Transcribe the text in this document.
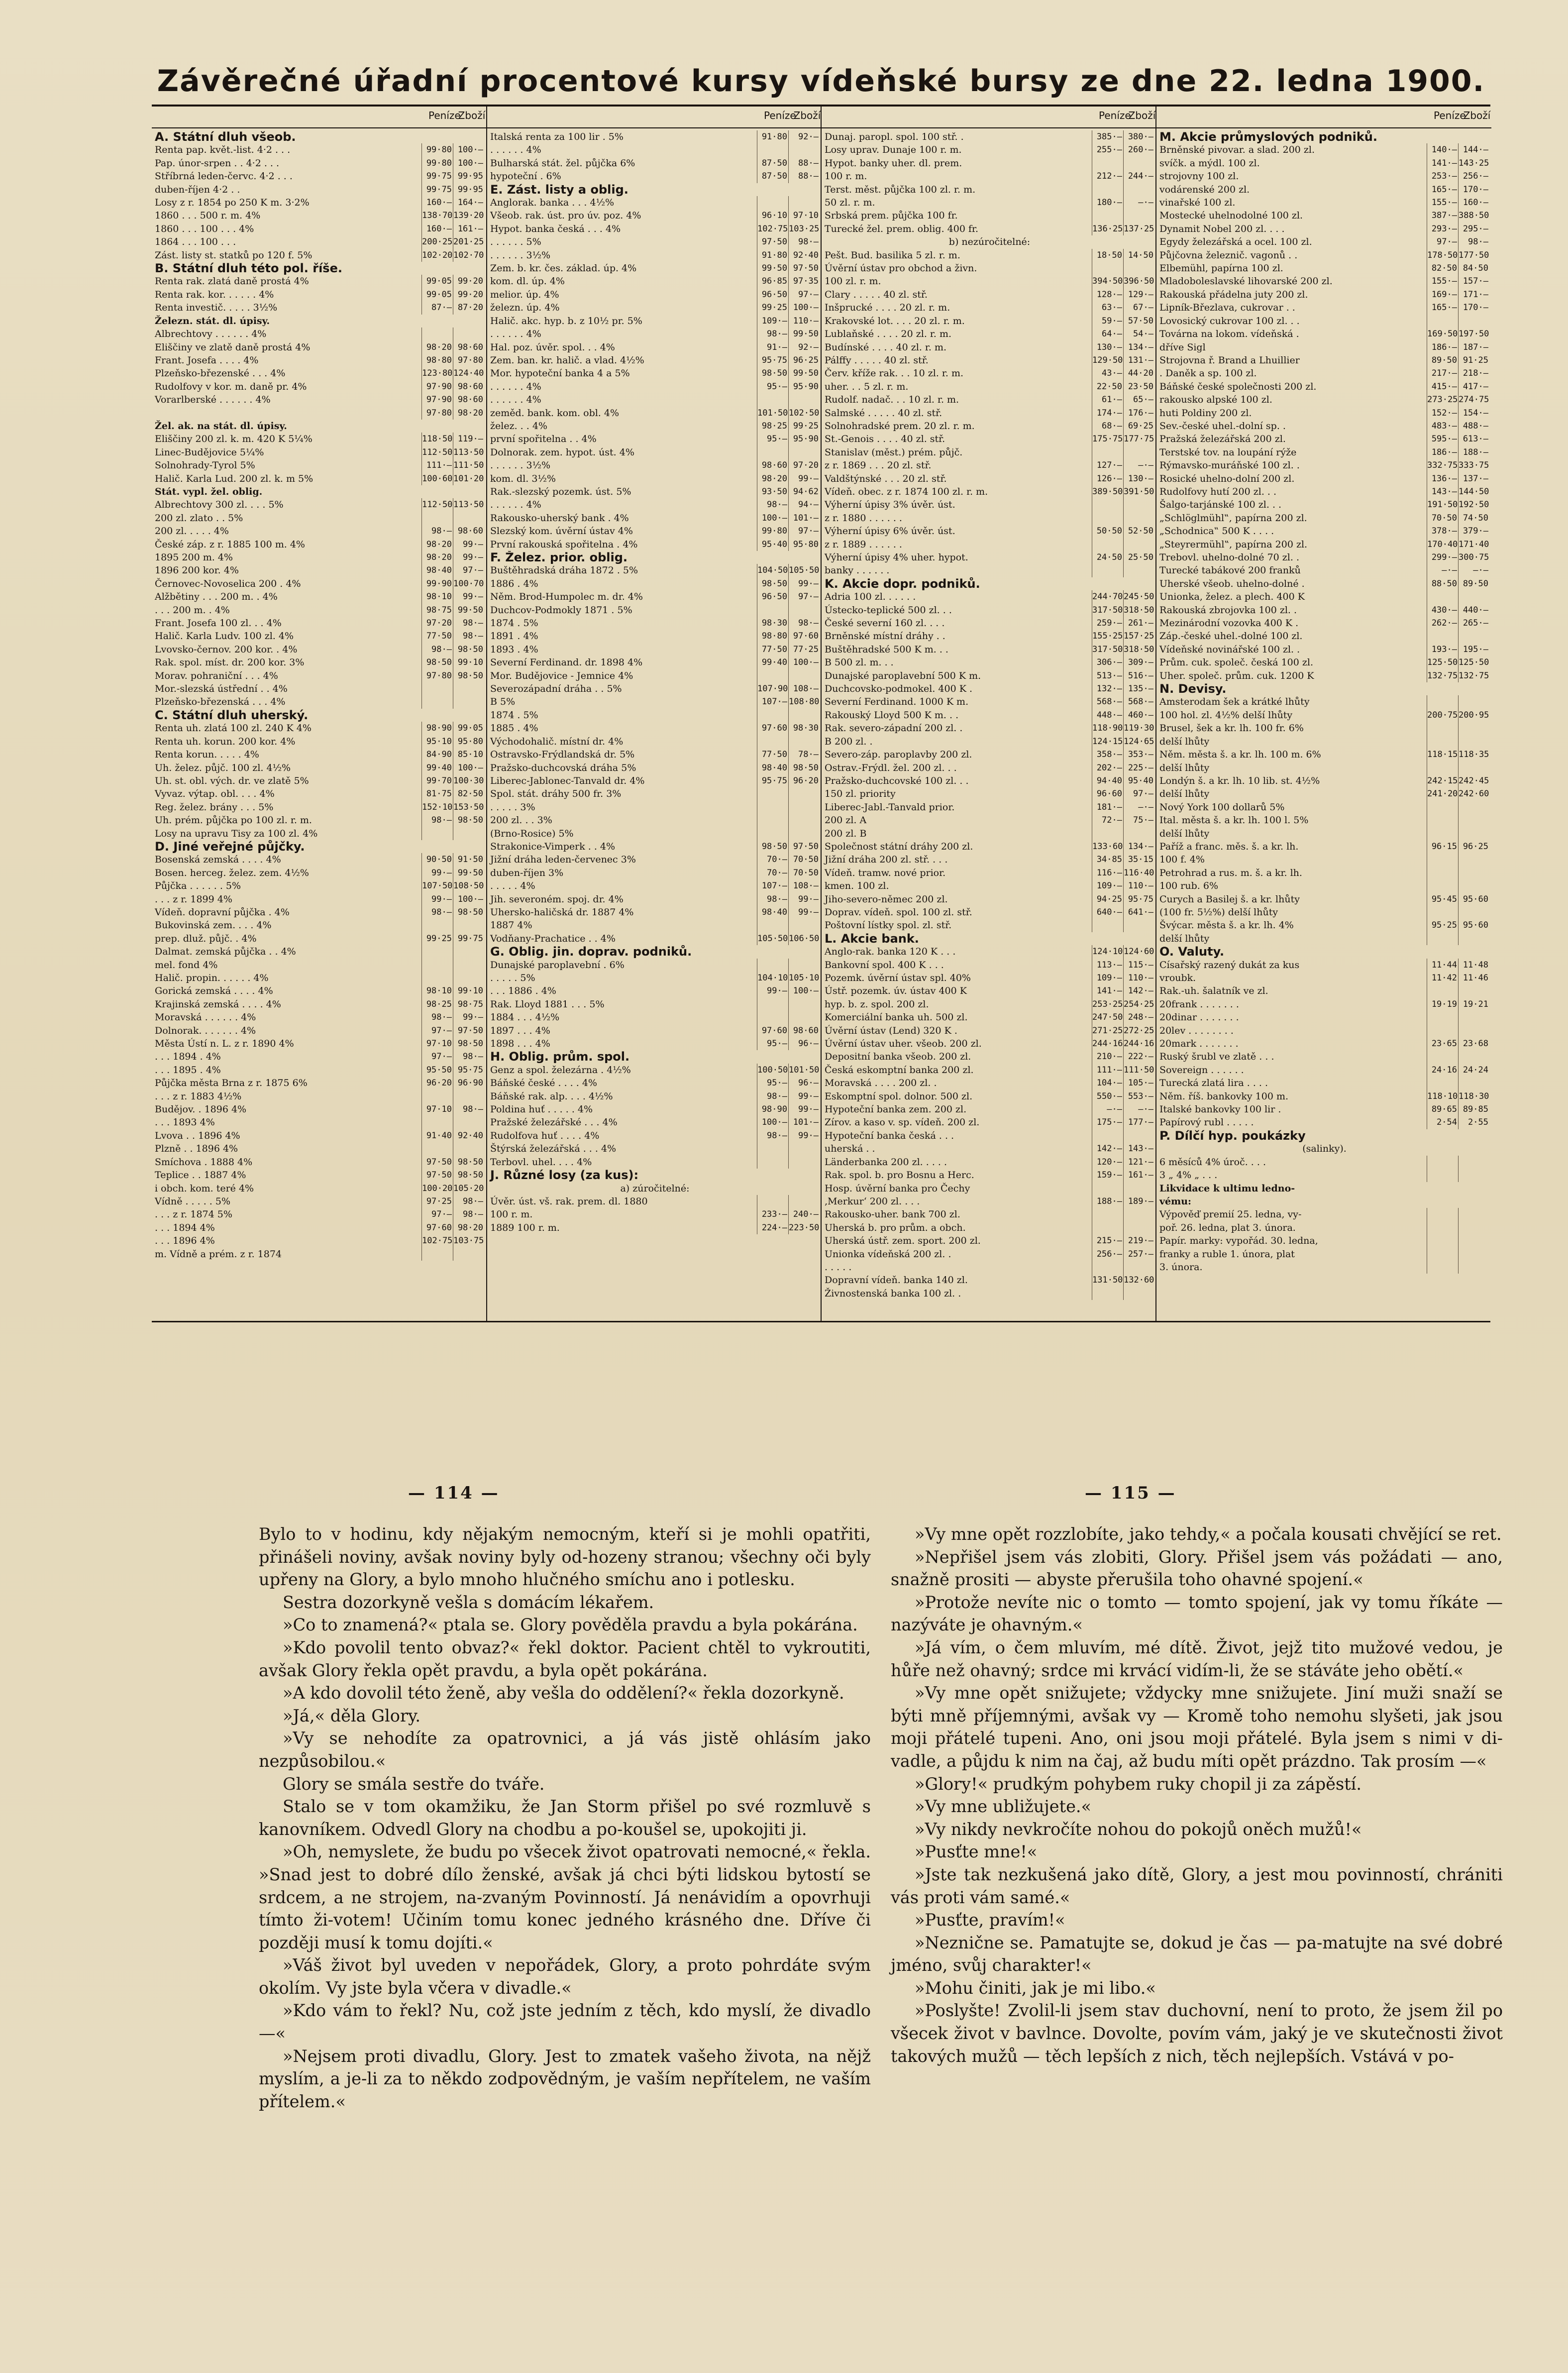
Závěrečné úřadní procentové kursy vídeňské bursy ze dne 22. ledna 1900.
PenízeZboží
A. Státní dluh všeob.
Renta pap. květ.-list. 4·2 . . .	99·80 100·—
Pap. únor-srpen . . 4·2 . . .	99·80 100·—
Stříbrná leden-červc. 4·2 . . .	99·75 99·95
duben-říjen 4·2 . .	99·75 99·95
Losy z r. 1854 po 250 K m. 3·2%	160·— 164·—
1860 . . . 500 r. m. 4%	138·70 139·20
1860 . . . 100 . . . 4%	160·— 161·—
1864 . . . 100 . . .	200·25 201·25
Zást. listy st. statků po 120 f. 5%	102·20 102·70
B. Státní dluh této pol. říše.
Renta rak. zlatá daně prostá 4%	99·05 99·20
Renta rak. kor. . . . . . 4%	99·05 99·20
Renta investič. . . . . 3½%	87·— 87·20
Železn. stát. dl. úpisy.
Albrechtovy . . . . . . 4%
Eliščiny ve zlatě daně prostá 4%	98·20 98·60
Frant. Josefa . . . . 4%	98·80 97·80
Plzeňsko-březenské . . . 4%	123·80 124·40
Rudolfovy v kor. m. daně pr. 4%	97·90 98·60
Vorarlberské . . . . . . 4%	97·90 98·60
97·80 98·20
Žel. ak. na stát. dl. úpisy.
Eliščiny 200 zl. k. m. 420 K 5¼%	118·50 119·—
Linec-Budějovice 5¼%	112·50 113·50
Solnohrady-Tyrol 5%	111·— 111·50
Halič. Karla Lud. 200 zl. k. m 5%	100·60 101·20
Stát. vypl. žel. oblig.
Albrechtovy 300 zl. . . . 5%	112·50 113·50
200 zl. zlato . . 5%
200 zl. . . . . 4%	98·— 98·60
České záp. z r. 1885 100 m. 4%	98·20	99·—
1895 200 m. 4%	98·20	99·—
1896 200 kor. 4%	98·40	97·—
Černovec-Novoselica 200 . 4%	99·90 100·70
Alžbětiny . . . 200 m. . 4%	98·10	99·—
. . . 200 m. . 4%	98·75 99·50
Frant. Josefa 100 zl. . . 4%	97·20	98·—
Halič. Karla Ludv. 100 zl. 4%	77·50	98·—
Lvovsko-černov. 200 kor. . 4%	98·— 98·50
Rak. spol. míst. dr. 200 kor. 3%	98·50 99·10
Morav. pohraniční . . . 4%	97·80 98·50
Mor.-slezská ústřední . . 4%
Plzeňsko-březenská . . . 4%
C. Státní dluh uherský.
Renta uh. zlatá 100 zl. 240 K 4%	98·90 99·05
Renta uh. korun. 200 kor. 4%	95·10 95·80
Renta korun. . . . . 4%	84·90 85·10
Uh. želez. půjč. 100 zl. 4½%	99·40 100·—
Uh. st. obl. vých. dr. ve zlatě 5%	99·70 100·30
Vyvaz. výtap. obl. . . . 4%	81·75 82·50
Reg. želez. brány . . . 5%	152·10 153·50
Uh. prém. půjčka po 100 zl. r. m.	98·— 98·50
Losy na upravu Tisy za 100 zl. 4%
D. Jiné veřejné půjčky.
Bosenská zemská . . . . 4%	90·50 91·50
Bosen. herceg. želez. zem. 4½%	99·— 99·50
Půjčka . . . . . . 5%	107·50 108·50
. . . z r. 1899 4%	99·— 100·—
Vídeň. dopravní půjčka . 4%	98·— 98·50
Bukovinská zem. . . . 4%
prep. dluž. půjč. . 4%	99·25 99·75
Dalmat. zemská půjčka . . 4%
mel. fond 4%
Halič. propin. . . . . . 4%
Gorická zemská . . . . 4%	98·10 99·10
Krajinská zemská . . . . 4%	98·25 98·75
Moravská . . . . . . 4%	98·—	99·—
Dolnorak. . . . . . . 4%	97·— 97·50
Města Ústí n. L. z r. 1890 4%	97·10 98·50
. . . 1894 . 4%	97·—	98·—
. . . 1895 . 4%	95·50 95·75
Půjčka města Brna z r. 1875 6%	96·20 96·90
. . . z r. 1883 4½%
Budějov. . 1896 4%	97·10	98·—
. . . 1893 4%
Lvova . . 1896 4%	91·40 92·40
Plzně . . 1896 4%
Smíchova . 1888 4%	97·50 98·50
Teplice . . 1887 4%	97·50 98·50
i obch. kom. teré 4%	100·20 105·20
Vídně . . . . . 5%	97·25	98·—
. . . z r. 1874 5%	97·—	98·—
. . . 1894 4%	97·60 98·20
. . . 1896 4%	102·75 103·75
m. Vídně a prém. z r. 1874
PenízeZboží
Italská renta za 100 lir . 5%	91·80	92·—
. . . . . . 4%
Bulharská stát. žel. půjčka 6%	87·50	88·—
hypoteční . 6%	87·50	88·—
E. Zást. listy a oblig.
Anglorak. banka . . . 4½%
Všeob. rak. úst. pro úv. poz. 4%	96·10 97·10
Hypot. banka česká . . . 4%	102·75 103·25
. . . . . . 5%	97·50	98·—
. . . . . . 3½%	91·80 92·40
Zem. b. kr. čes. základ. úp. 4%	99·50 97·50
kom. dl. úp. 4%	96·85 97·35
melior. úp. 4%	96·50	97·—
železn. úp. 4%	99·25 100·—
Halič. akc. hyp. b. z 10½ pr. 5%	109·— 110·—
. . . . . . 4%	98·— 99·50
Hal. poz. úvěr. spol. . . 4%	91·—	92·—
Zem. ban. kr. halič. a vlad. 4½%	95·75 96·25
Mor. hypoteční banka 4 a 5%	98·50 99·50
. . . . . . 4%	95·— 95·90
. . . . . . 4%
zeměd. bank. kom. obl. 4%	101·50 102·50
želez. . . 4%	98·25 99·25
první spořitelna . . 4%	95·— 95·90
Dolnorak. zem. hypot. úst. 4%
. . . . . . 3½%	98·60 97·20
kom. dl. 3½%	98·20	99·—
Rak.-slezský pozemk. úst. 5%	93·50 94·62
. . . . . . 4%	98·—	94·—
Rakousko-uherský bank . 4%	100·— 101·—
Slezský kom. úvěrní ústav 4%	99·80	97·—
První rakouská spořitelna . 4%	95·40 95·80
F. Želez. prior. oblig.
Buštěhradská dráha 1872 . 5%	104·50 105·50
1886 . 4%	98·50	99·—
Něm. Brod-Humpolec m. dr. 4%	96·50	97·—
Duchcov-Podmokly 1871 . 5%
1874 . 5%	98·30	98·—
1891 . 4%	98·80 97·60
1893 . 4%	77·50 77·25
Severní Ferdinand. dr. 1898 4%	99·40 100·—
Mor. Budějovice - Jemnice 4%
Severozápadní dráha . . 5%	107·90 108·—
B 5%	107·— 108·80
1874 . 5%
1885 . 4%	97·60 98·30
Východohalič. místní dr. 4%
Ostravsko-Frýdlandská dr. 5%	77·50	78·—
Pražsko-duchcovská dráha 5%	98·40 98·50
Liberec-Jablonec-Tanvald dr. 4%	95·75 96·20
Spol. stát. dráhy 500 fr. 3%
. . . . . 3%
200 zl. . . 3%
(Brno-Rosice) 5%
Strakonice-Vimperk . . 4%	98·50 97·50
Jižní dráha leden-červenec 3%	70·— 70·50
duben-říjen 3%	70·— 70·50
. . . . . 4%	107·— 108·—
Jih. severoném. spoj. dr. 4%	98·—	99·—
Uhersko-haličská dr. 1887 4%	98·40	99·—
1887 4%
Vodňany-Prachatice . . 4%	105·50 106·50
G. Oblig. jin. doprav. podniků.
Dunajské paroplavební . 6%
. . . . . 5%	104·10 105·10
. . . 1886 . 4%	99·— 100·—
Rak. Lloyd 1881 . . . 5%
1884 . . . 4½%
1897 . . . 4%	97·60 98·60
1898 . . . 4%	95·—	96·—
H. Oblig. prům. spol.
Genz a spol. železárna . 4½%	100·50 101·50
Báňské české . . . . 4%	95·—	96·—
Báňské rak. alp. . . . 4½%	98·—	99·—
Poldina huť . . . . . 4%	98·90	99·—
Pražské železářské . . . 4%	100·— 101·—
Rudolfova huť . . . . 4%	98·—	99·—
Štýrská železářská . . . 4%
Terbovl. uhel. . . . 4%
J. Různé losy (za kus):
a) zúročitelné:
Úvěr. úst. vš. rak. prem. dl. 1880
100 r. m.	233·— 240·—
1889 100 r. m.	224·— 223·50
PenízeZboží
Dunaj. paropl. spol. 100 stř. .	385·— 380·—
Losy uprav. Dunaje 100 r. m.	255·— 260·—
Hypot. banky uher. dl. prem.
100 r. m.	212·— 244·—
Terst. měst. půjčka 100 zl. r. m.
50 zl. r. m.	180·—	—·—
Srbská prem. půjčka 100 fr.
Turecké žel. prem. oblig. 400 fr.	136·25 137·25
b) nezúročitelné:
Pešt. Bud. basilika 5 zl. r. m.	18·50 14·50
Úvěrní ústav pro obchod a živn.
100 zl. r. m.	394·50 396·50
Clary . . . . . 40 zl. stř.	128·— 129·—
Inšprucké . . . . 20 zl. r. m.	63·—	67·—
Krakovské lot. . . . 20 zl. r. m.	59·— 57·50
Lublaňské . . . . 20 zl. r. m.	64·—	54·—
Budínské . . . . 40 zl. r. m.	130·— 134·—
Pálffy . . . . . 40 zl. stř.	129·50 131·—
Červ. kříže rak. . . 10 zl. r. m.	43·— 44·20
uher. . . 5 zl. r. m.	22·50 23·50
Rudolf. nadač. . . 10 zl. r. m.	61·—	65·—
Salmské . . . . . 40 zl. stř.	174·— 176·—
Solnohradské prem. 20 zl. r. m.	68·— 69·25
St.-Genois . . . . 40 zl. stř.	175·75 177·75
Stanislav (měst.) prém. půjč.
z r. 1869 . . . 20 zl. stř.	127·—	—·—
Valdštýnské . . . 20 zl. stř.	126·— 130·—
Vídeň. obec. z r. 1874 100 zl. r. m.	389·50 391·50
Výherní úpisy 3% úvěr. úst.
z r. 1880 . . . . . .
Výherní úpisy 6% úvěr. úst.	50·50 52·50
z r. 1889 . . . . . .
Výherní úpisy 4% uher. hypot.	24·50 25·50
banky . . . . . .
K. Akcie dopr. podniků.
Adria 100 zl. . . . . .	244·70 245·50
Ústecko-teplické 500 zl. . .	317·50 318·50
České severní 160 zl. . . .	259·— 261·—
Brněnské místní dráhy . .	155·25 157·25
Buštěhradské 500 K m. . .	317·50 318·50
B 500 zl. m. . .	306·— 309·—
Dunajské paroplavební 500 K m.	513·— 516·—
Duchcovsko-podmokel. 400 K .	132·— 135·—
Severní Ferdinand. 1000 K m.	568·— 568·—
Rakouský Lloyd 500 K m. . .	448·— 460·—
Rak. severo-západní 200 zl. .	118·90 119·30
B 200 zl. .	124·15 124·65
Severo-záp. paroplavby 200 zl.	358·— 353·—
Ostrav.-Frýdl. žel. 200 zl. . .	202·— 225·—
Pražsko-duchcovské 100 zl. . .	94·40 95·40
150 zl. priority	96·60	97·—
Liberec-Jabl.-Tanvald prior.	181·—	—·—
200 zl. A	72·—	75·—
200 zl. B
Společnost státní dráhy 200 zl.	133·60 134·—
Jižní dráha 200 zl. stř. . . .	34·85 35·15
Vídeň. tramw. nové prior.	116·— 116·40
kmen. 100 zl.	109·— 110·—
Jiho-severo-němec 200 zl.	94·25 95·75
Doprav. vídeň. spol. 100 zl. stř.	640·— 641·—
Poštovní lístky spol. zl. stř.
L. Akcie bank.
Anglo-rak. banka 120 K . . .	124·10 124·60
Bankovní spol. 400 K . . .	113·— 115·—
Pozemk. úvěrní ústav spl. 40%	109·— 110·—
Ústř. pozemk. úv. ústav 400 K	141·— 142·—
hyp. b. z. spol. 200 zl.	253·25 254·25
Komerciální banka uh. 500 zl.	247·50 248·—
Úvěrní ústav (Lend) 320 K .	271·25 272·25
Úvěrní ústav uher. všeob. 200 zl.	244·16 244·16
Depositní banka všeob. 200 zl.	210·— 222·—
Česká eskomptní banka 200 zl.	111·— 111·50
Moravská . . . . 200 zl. .	104·— 105·—
Eskomptní spol. dolnor. 500 zl.	550·— 553·—
Hypoteční banka zem. 200 zl.	—·—	—·—
Zírov. a kaso v. sp. vídeň. 200 zl.	175·— 177·—
Hypoteční banka česká . . .
uherská . .	142·— 143·—
Länderbanka 200 zl. . . . .	120·— 121·—
Rak. spol. b. pro Bosnu a Herc.	159·— 161·—
Hosp. úvěrní banka pro Čechy
‚Merkur‘ 200 zl. . . .	188·— 189·—
Rakousko-uher. bank 700 zl.
Uherská b. pro prům. a obch.
Uherská ústř. zem. sport. 200 zl.	215·— 219·—
Unionka vídeňská 200 zl. .	256·— 257·—
. . . . .
Dopravní vídeň. banka 140 zl.	131·50 132·60
Živnostenská banka 100 zl. .
PenízeZboží
M. Akcie průmyslových podniků.
Brněnské pivovar. a slad. 200 zl.	140·— 144·—
svíčk. a mýdl. 100 zl.	141·— 143·25
strojovny 100 zl.	253·— 256·—
vodárenské 200 zl.	165·— 170·—
vinařské 100 zl.	155·— 160·—
Mostecké uhelnodolné 100 zl.	387·— 388·50
Dynamit Nobel 200 zl. . . .	293·— 295·—
Egydy železářská a ocel. 100 zl.	97·—	98·—
Půjčovna železnič. vagonů . .	178·50 177·50
Elbemühl, papírna 100 zl.	82·50 84·50
Mladoboleslavské lihovarské 200 zl.	155·— 157·—
Rakouská přádelna juty 200 zl.	169·— 171·—
Lipník-Březlava, cukrovar . .	165·— 170·—
Lovosický cukrovar 100 zl. . .
Továrna na lokom. vídeňská .	169·50 197·50
dříve Sigl	186·— 187·—
Strojovna ř. Brand a Lhuillier	89·50 91·25
. Daněk a sp. 100 zl.	217·— 218·—
Báňské české společnosti 200 zl.	415·— 417·—
rakousko alpské 100 zl.	273·25 274·75
huti Poldiny 200 zl.	152·— 154·—
Sev.-české uhel.-dolní sp. .	483·— 488·—
Pražská železářská 200 zl.	595·— 613·—
Terstské tov. na loupání rýže	186·— 188·—
Rýmavsko-muráňské 100 zl. .	332·75 333·75
Rosické uhelno-dolní 200 zl.	136·— 137·—
Rudolfovy hutí 200 zl. . .	143·— 144·50
Šalgo-tarjánské 100 zl. . .	191·50 192·50
„Schlöglmühl‟, papírna 200 zl.	70·50 74·50
„Schodnica‟ 500 K . . . .	378·— 379·—
„Steyrermühl‟, papírna 200 zl.	170·40 171·40
Trebovl. uhelno-dolné 70 zl. .	299·— 300·75
Turecké tabákové 200 franků	—·—	—·—
Uherské všeob. uhelno-dolné .	88·50 89·50
Unionka, želez. a plech. 400 K
Rakouská zbrojovka 100 zl. .	430·— 440·—
Mezinárodní vozovka 400 K .	262·— 265·—
Záp.-české uhel.-dolné 100 zl.
Vídeňské novinářské 100 zl. .	193·— 195·—
Prům. cuk. společ. česká 100 zl.	125·50 125·50
Uher. společ. prům. cuk. 1200 K	132·75 132·75
N. Devisy.
Amsterodam šek a krátké lhůty
100 hol. zl. 4½% delší lhůty	200·75 200·95
Brusel, šek a kr. lh. 100 fr. 6%
delší lhůty
Něm. města š. a kr. lh. 100 m. 6%	118·15 118·35
delší lhůty
Londýn š. a kr. lh. 10 lib. st. 4½%	242·15 242·45
delší lhůty	241·20 242·60
Nový York 100 dollarů 5%
Ital. města š. a kr. lh. 100 l. 5%
delší lhůty
Paříž a franc. měs. š. a kr. lh.	96·15 96·25
100 f. 4%
Petrohrad a rus. m. š. a kr. lh.
100 rub. 6%
Curych a Basilej š. a kr. lhůty	95·45 95·60
(100 fr. 5½%) delší lhůty
Švýcar. města š. a kr. lh. 4%	95·25 95·60
delší lhůty
O. Valuty.
Císařský razený dukát za kus	11·44 11·48
vroubk.	11·42 11·46
Rak.-uh. šalatník ve zl.
20frank . . . . . . .	19·19 19·21
20dinar . . . . . . .
20lev . . . . . . . .
20mark . . . . . . .	23·65 23·68
Ruský šrubl ve zlatě . . .
Sovereign . . . . . .	24·16 24·24
Turecká zlatá lira . . . .
Něm. říš. bankovky 100 m.	118·10 118·30
Italské bankovky 100 lir .	89·65 89·85
Papírový rubl . . . . .	2·54	2·55
P. Dílčí hyp. poukázky
(salinky).
6 měsíců 4% úroč. . . .
3 „ 4% „ . . .
Likvidace k ultimu ledno-
vému:
Výpověď premií 25. ledna, vy-
poř. 26. ledna, plat 3. února.
Papír. marky: vypořád. 30. ledna,
franky a ruble 1. února, plat
3. února.
— 114 —	— 115 —

Bylo to v hodinu, kdy nějakým nemocným, kteří si je mohli opatřiti, přinášeli noviny, avšak noviny byly od-hozeny stranou; všechny oči byly upřeny na Glory, a bylo mnoho hlučného smíchu ano i potlesku.

Sestra dozorkyně vešla s domácím lékařem.

»Co to znamená?« ptala se. Glory pověděla pravdu a byla pokárána.

»Kdo povolil tento obvaz?« řekl doktor. Pacient chtěl to vykroutiti, avšak Glory řekla opět pravdu, a byla opět pokárána.

»A kdo dovolil této ženě, aby vešla do oddělení?« řekla dozorkyně.

»Já,« děla Glory.

»Vy se nehodíte za opatrovnici, a já vás jistě ohlásím jako nezpůsobilou.«

Glory se smála sestře do tváře.

Stalo se v tom okamžiku, že Jan Storm přišel po své rozmluvě s kanovníkem. Odvedl Glory na chodbu a po-koušel se, upokojiti ji.

»Oh, nemyslete, že budu po všecek život opatrovati nemocné,« řekla. »Snad jest to dobré dílo ženské, avšak já chci býti lidskou bytostí se srdcem, a ne strojem, na-zvaným Povinností. Já nenávidím a opovrhuji tímto ži-votem! Učiním tomu konec jedného krásného dne. Dříve či později musí k tomu dojíti.«

»Váš život byl uveden v nepořádek, Glory, a proto pohrdáte svým okolím. Vy jste byla včera v divadle.«

»Kdo vám to řekl? Nu, což jste jedním z těch, kdo myslí, že divadlo —«

»Nejsem proti divadlu, Glory. Jest to zmatek vašeho života, na nějž myslím, a je-li za to někdo zodpovědným, je vaším nepřítelem, ne vaším přítelem.«

»Vy mne opět rozzlobíte, jako tehdy,« a počala kousati chvějící se ret.

»Nepřišel jsem vás zlobiti, Glory. Přišel jsem vás požádati — ano, snažně prositi — abyste přerušila toho ohavné spojení.«

»Protože nevíte nic o tomto — tomto spojení, jak vy tomu říkáte — nazýváte je ohavným.«

»Já vím, o čem mluvím, mé dítě. Život, jejž tito mužové vedou, je hůře než ohavný; srdce mi krvácí vidím-li, že se stáváte jeho obětí.«

»Vy mne opět snižujete; vždycky mne snižujete. Jiní muži snaží se býti mně příjemnými, avšak vy — Kromě toho nemohu slyšeti, jak jsou moji přátelé tupeni. Ano, oni jsou moji přátelé. Byla jsem s nimi v di-vadle, a půjdu k nim na čaj, až budu míti opět prázdno. Tak prosím —«

»Glory!« prudkým pohybem ruky chopil ji za zápěstí.

»Vy mne ubližujete.«

»Vy nikdy nevkročíte nohou do pokojů oněch mužů!«

»Pusťte mne!«

»Jste tak nezkušená jako dítě, Glory, a jest mou povinností, chrániti vás proti vám samé.«

»Pusťte, pravím!«

»Neznične se. Pamatujte se, dokud je čas — pa-matujte na své dobré jméno, svůj charakter!«

»Mohu činiti, jak je mi libo.«

»Poslyšte! Zvolil-li jsem stav duchovní, není to proto, že jsem žil po všecek život v bavlnce. Dovolte, povím vám, jaký je ve skutečnosti život takových mužů — těch lepších z nich, těch nejlepších. Vstává v po-
